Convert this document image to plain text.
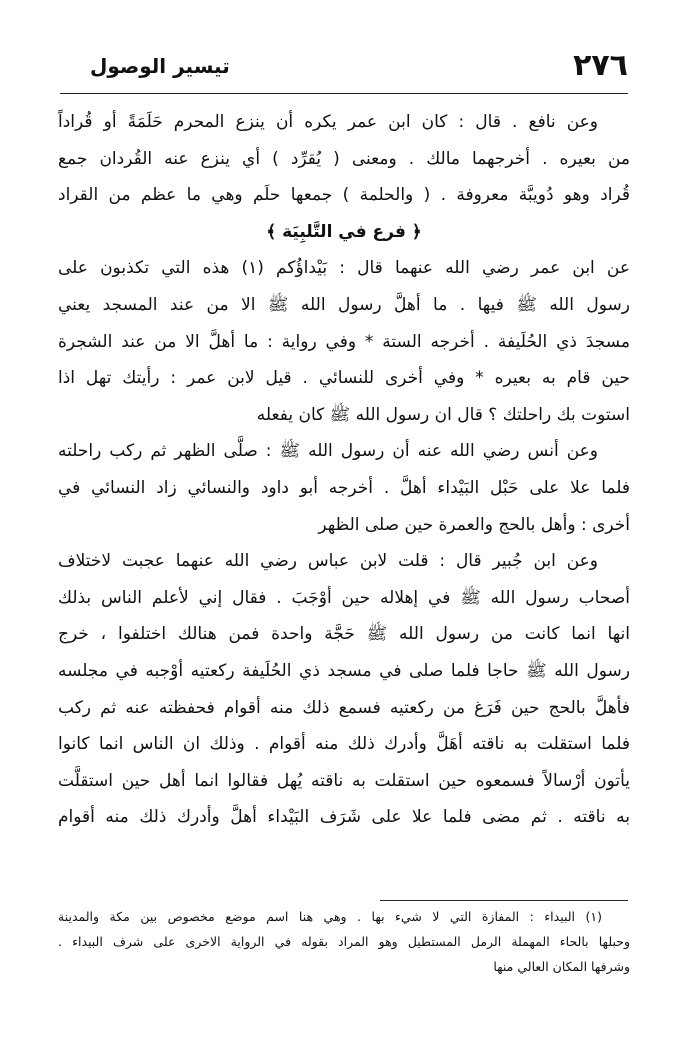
٢٧٦
تيسير الوصول
وعن نافع . قال : كان ابن عمر يكره أن ينزع المحرم حَلَمَةً أو قُراداً
من بعيره . أخرجهما مالك . ومعنى ( يُقرِّد ) أي ينزع عنه القُردان جمع
قُراد وهو دُويبَّة معروفة . ( والحلمة ) جمعها حلَم وهي ما عظم من القراد
﴿ فرع في التَّلبِيَة ﴾
عن ابن عمر رضي الله عنهما قال : بَيْداؤُكم (١) هذه التي تكذبون على
رسول الله ﷺ فيها . ما أهلَّ رسول الله ﷺ الا من عند المسجد يعني
مسجدَ ذي الحُلَيفة . أخرجه الستة * وفي رواية : ما أهلَّ الا من عند الشجرة
حين قام به بعيره * وفي أخرى للنسائي . قيل لابن عمر : رأيتك تهل اذا
استوت بك راحلتك ؟ قال ان رسول الله ﷺ كان يفعله
وعن أنس رضي الله عنه أن رسول الله ﷺ : صلَّى الظهر ثم ركب راحلته
فلما علا على حَبْل البَيْداء أهلَّ . أخرجه أبو داود والنسائي زاد النسائي في
أخرى : وأهل بالحج والعمرة حين صلى الظهر
وعن ابن جُبير قال : قلت لابن عباس رضي الله عنهما عجبت لاختلاف
أصحاب رسول الله ﷺ في إهلاله حين أوْجَبَ . فقال إني لأعلم الناس بذلك
انها انما كانت من رسول الله ﷺ حَجَّة واحدة فمن هنالك اختلفوا ، خرج
رسول الله ﷺ حاجا فلما صلى في مسجد ذي الحُلَيفة ركعتيه أوْجبه في مجلسه
فأهلَّ بالحج حين فَرَغ من ركعتيه فسمع ذلك منه أقوام فحفظته عنه ثم ركب
فلما استقلت به ناقته أهَلَّ وأدرك ذلك منه أقوام . وذلك ان الناس انما كانوا
يأتون أرْسالاً فسمعوه حين استقلت به ناقته يُهل فقالوا انما أهل حين استقلَّت
به ناقته . ثم مضى فلما علا على شَرَف البَيْداء أهلَّ وأدرك ذلك منه أقوام
(١) البيداء : المفازة التي لا شيء بها . وهي هنا اسم موضع مخصوص بين مكة والمدينة
وحبلها بالحاء المهملة الرمل المستطيل وهو المراد بقوله في الرواية الاخرى على شرف البيداء .
وشرفها المكان العالي منها
